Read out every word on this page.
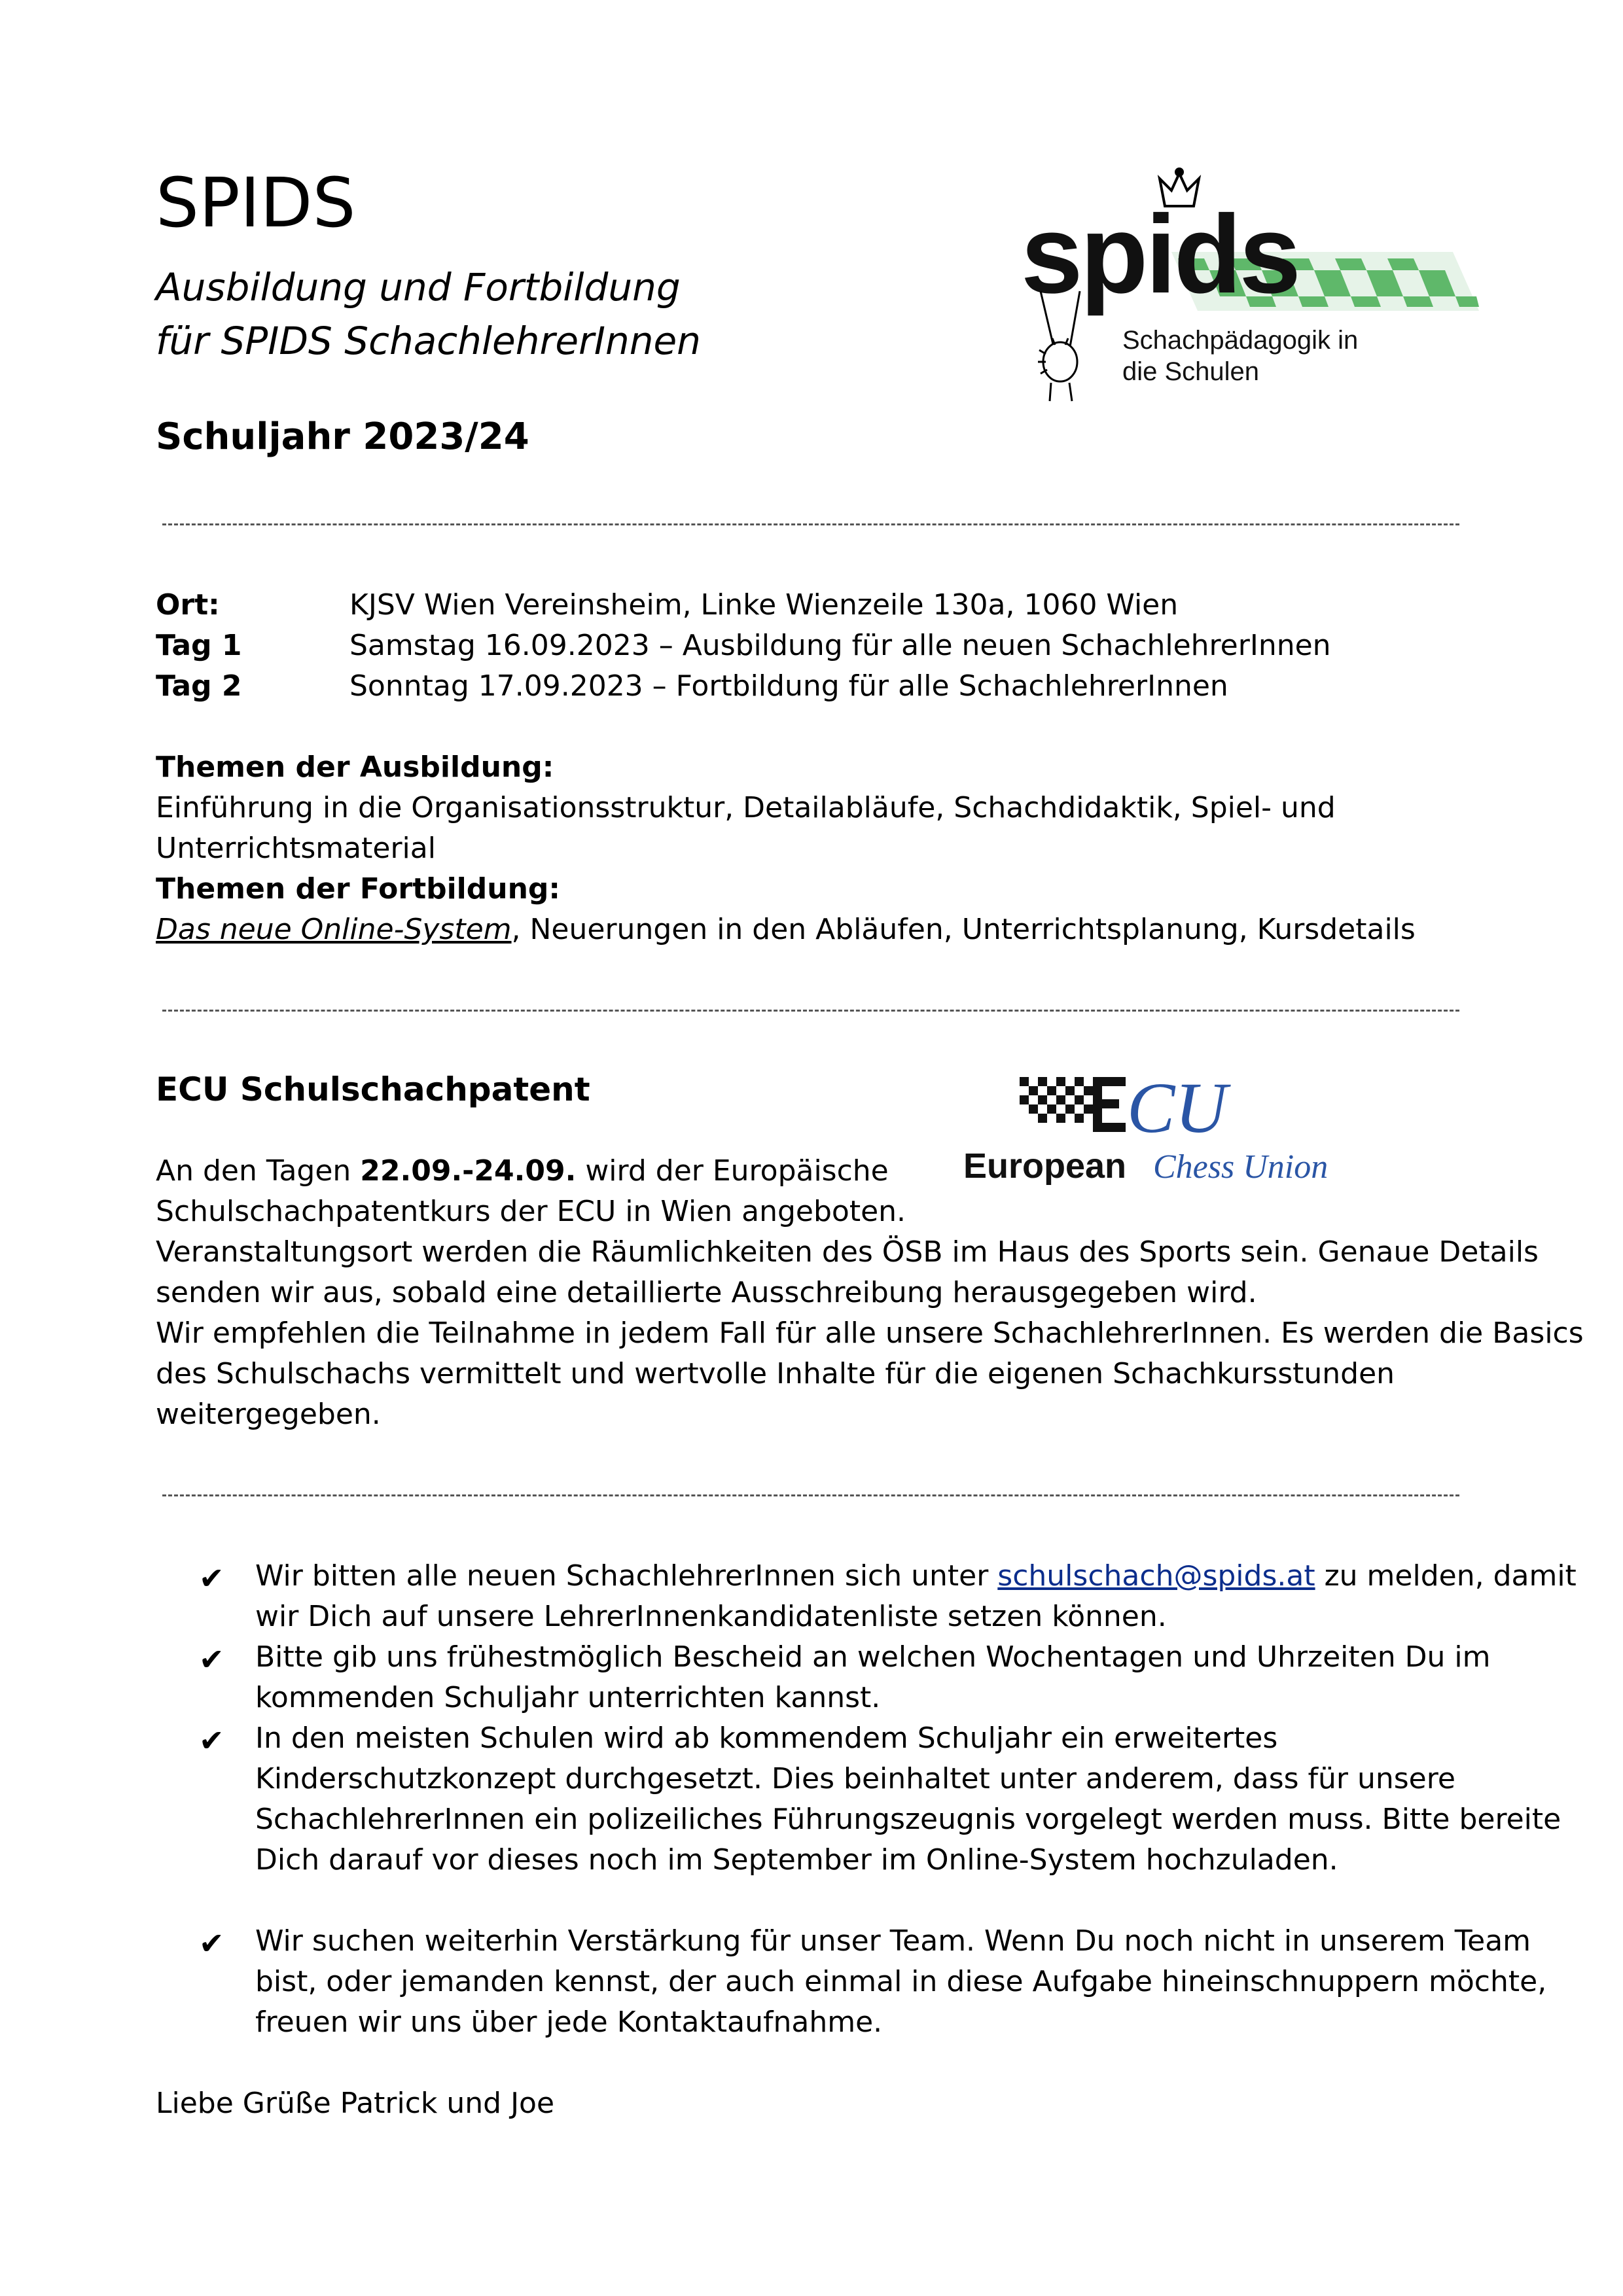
SPIDS
Ausbildung und Fortbildung
für SPIDS SchachlehrerInnen
Schuljahr 2023/24
spids
Schachpädagogik in
die Schulen
Ort:	KJSV Wien Vereinsheim, Linke Wienzeile 130a, 1060 Wien
Tag 1	Samstag 16.09.2023 – Ausbildung für alle neuen SchachlehrerInnen
Tag 2	Sonntag 17.09.2023 – Fortbildung für alle SchachlehrerInnen
Themen der Ausbildung:
Einführung in die Organisationsstruktur, Detailabläufe, Schachdidaktik, Spiel- und
Unterrichtsmaterial
Themen der Fortbildung:
Das neue Online-System, Neuerungen in den Abläufen, Unterrichtsplanung, Kursdetails
ECU Schulschachpatent	CU
European Chess Union
An den Tagen 22.09.-24.09. wird der Europäische
Schulschachpatentkurs der ECU in Wien angeboten.
Veranstaltungsort werden die Räumlichkeiten des ÖSB im Haus des Sports sein. Genaue Details
senden wir aus, sobald eine detaillierte Ausschreibung herausgegeben wird.
Wir empfehlen die Teilnahme in jedem Fall für alle unsere SchachlehrerInnen. Es werden die Basics
des Schulschachs vermittelt und wertvolle Inhalte für die eigenen Schachkursstunden
weitergegeben.
✔ Wir bitten alle neuen SchachlehrerInnen sich unter schulschach@spids.at zu melden, damit
wir Dich auf unsere LehrerInnenkandidatenliste setzen können.
✔ Bitte gib uns frühestmöglich Bescheid an welchen Wochentagen und Uhrzeiten Du im
kommenden Schuljahr unterrichten kannst.
✔ In den meisten Schulen wird ab kommendem Schuljahr ein erweitertes
Kinderschutzkonzept durchgesetzt. Dies beinhaltet unter anderem, dass für unsere
SchachlehrerInnen ein polizeiliches Führungszeugnis vorgelegt werden muss. Bitte bereite
Dich darauf vor dieses noch im September im Online-System hochzuladen.
✔ Wir suchen weiterhin Verstärkung für unser Team. Wenn Du noch nicht in unserem Team
bist, oder jemanden kennst, der auch einmal in diese Aufgabe hineinschnuppern möchte,
freuen wir uns über jede Kontaktaufnahme.
Liebe Grüße Patrick und Joe
